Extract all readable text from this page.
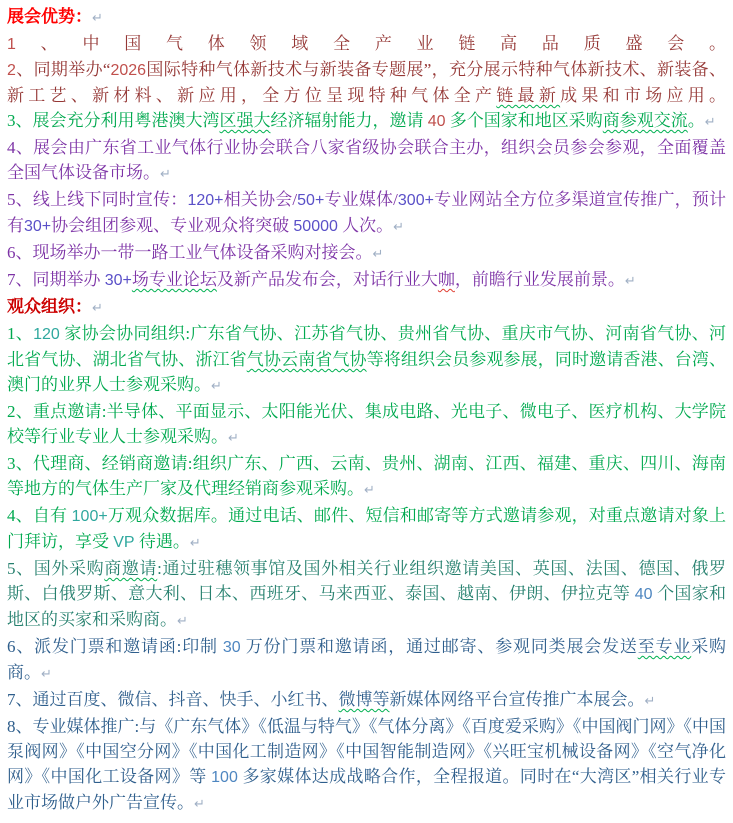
展会优势：↵

1、中国气体领域全产业链高品质盛会。

2、同期举办“2026国际特种气体新技术与新装备专题展”，充分展示特种气体新技术、新装备、新工艺、新材料、新应用，全方位呈现特种气体全产链最新成果和市场应用。

3、展会充分利用粤港澳大湾区强大经济辐射能力，邀请 40 多个国家和地区采购商参观交流。↵

4、展会由广东省工业气体行业协会联合八家省级协会联合主办，组织会员参会参观，全面覆盖全国气体设备市场。↵

5、线上线下同时宣传：120+相关协会/50+专业媒体/300+专业网站全方位多渠道宣传推广，预计有30+协会组团参观、专业观众将突破 50000 人次。↵

6、现场举办一带一路工业气体设备采购对接会。↵

7、同期举办 30+场专业论坛及新产品发布会，对话行业大咖，前瞻行业发展前景。↵

观众组织：↵

1、120 家协会协同组织:广东省气协、江苏省气协、贵州省气协、重庆市气协、河南省气协、河北省气协、湖北省气协、浙江省气协云南省气协等将组织会员参观参展，同时邀请香港、台湾、澳门的业界人士参观采购。↵

2、重点邀请:半导体、平面显示、太阳能光伏、集成电路、光电子、微电子、医疗机构、大学院校等行业专业人士参观采购。↵

3、代理商、经销商邀请:组织广东、广西、云南、贵州、湖南、江西、福建、重庆、四川、海南等地方的气体生产厂家及代理经销商参观采购。↵

4、自有 100+万观众数据库。通过电话、邮件、短信和邮寄等方式邀请参观，对重点邀请对象上门拜访，享受 VP 待遇。↵

5、国外采购商邀请:通过驻穗领事馆及国外相关行业组织邀请美国、英国、法国、德国、俄罗斯、白俄罗斯、意大利、日本、西班牙、马来西亚、泰国、越南、伊朗、伊拉克等 40 个国家和地区的买家和采购商。↵

6、派发门票和邀请函:印制 30 万份门票和邀请函，通过邮寄、参观同类展会发送至专业采购商。↵

7、通过百度、微信、抖音、快手、小红书、微博等新媒体网络平台宣传推广本展会。↵

8、专业媒体推广:与《广东气体》《低温与特气》《气体分离》《百度爱采购》《中国阀门网》《中国泵阀网》《中国空分网》《中国化工制造网》《中国智能制造网》《兴旺宝机械设备网》《空气净化网》《中国化工设备网》等 100 多家媒体达成战略合作，全程报道。同时在“大湾区”相关行业专业市场做户外广告宣传。↵
